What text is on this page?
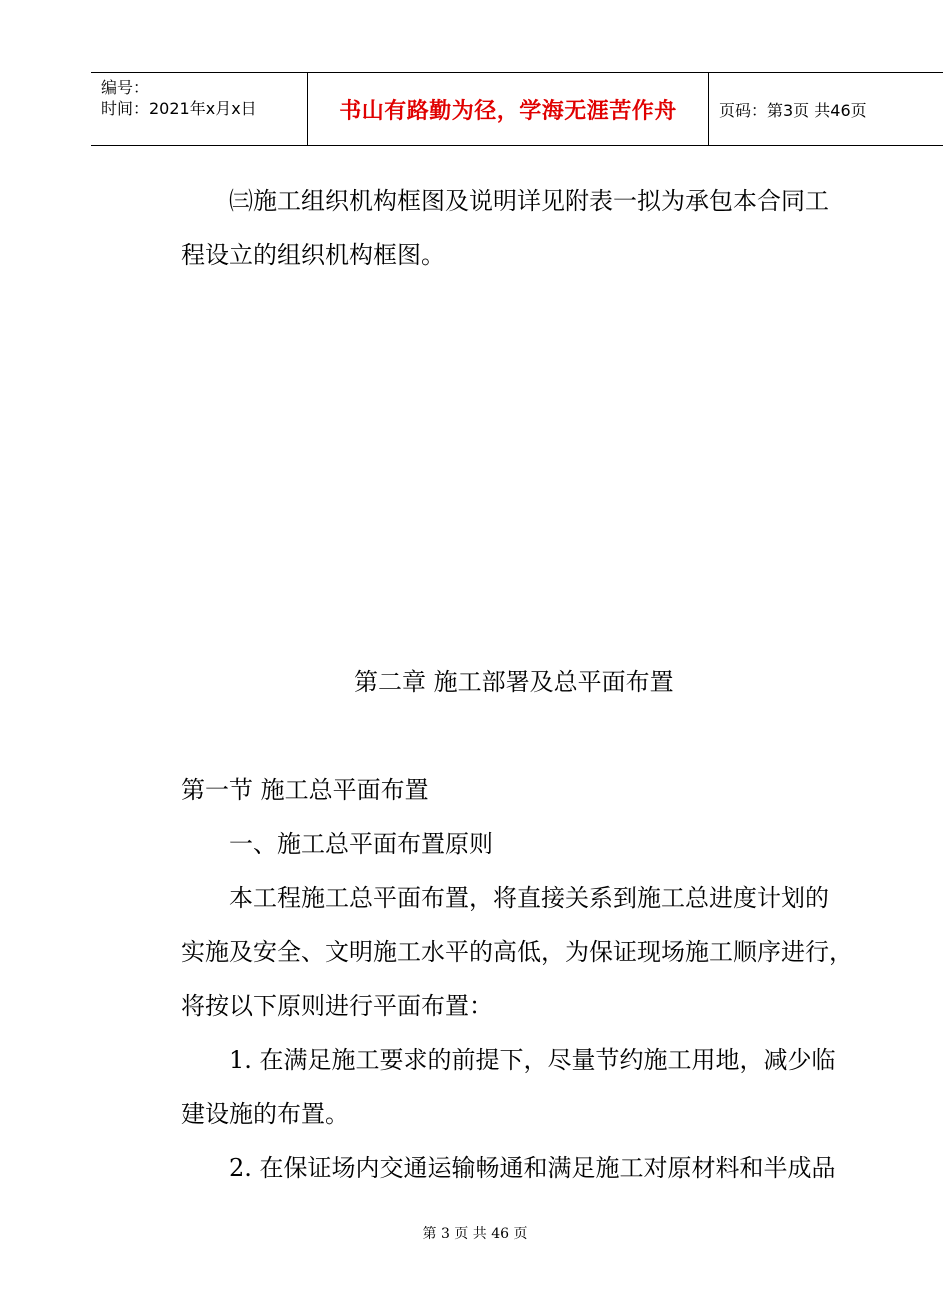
编号：
时间：2021年x月x日	书山有路勤为径，学海无涯苦作舟	页码：第3页 共46页
㈢施工组织机构框图及说明详见附表一拟为承包本合同工
程设立的组织机构框图。
第二章 施工部署及总平面布置
第一节 施工总平面布置
一、施工总平面布置原则
本工程施工总平面布置，将直接关系到施工总进度计划的
实施及安全、文明施工水平的高低，为保证现场施工顺序进行，
将按以下原则进行平面布置：
1. 在满足施工要求的前提下，尽量节约施工用地，减少临
建设施的布置。
2. 在保证场内交通运输畅通和满足施工对原材料和半成品
第 3 页 共 46 页
